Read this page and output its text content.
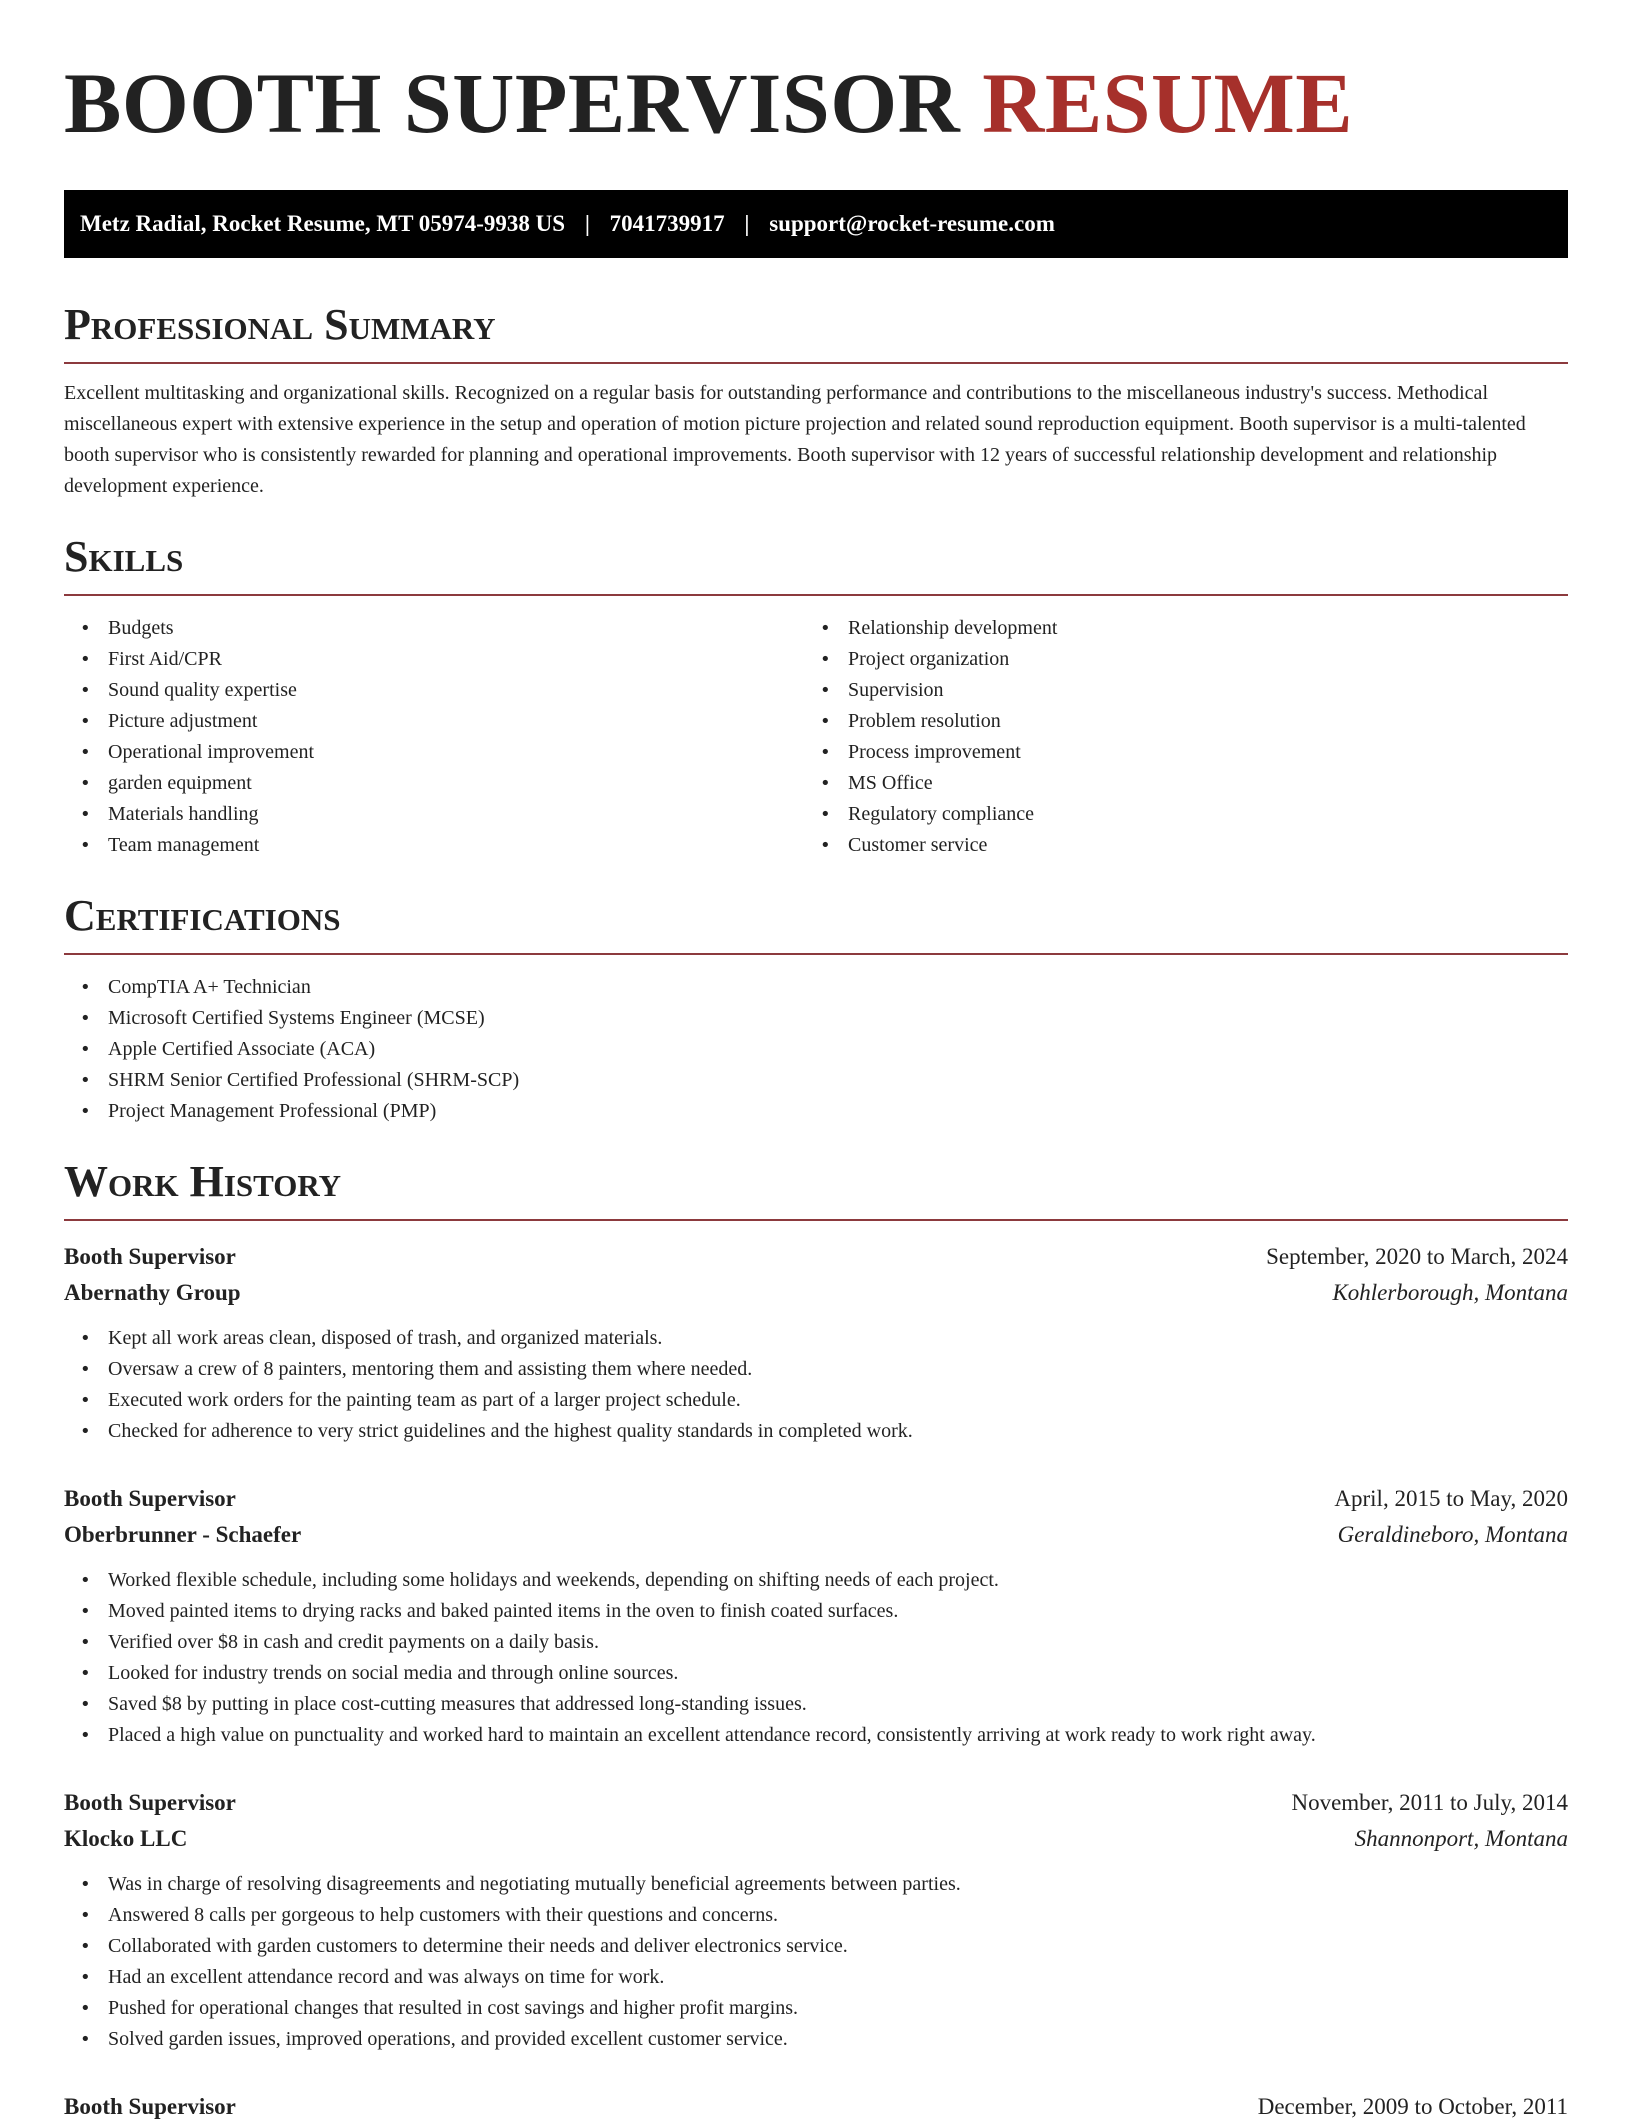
BOOTH SUPERVISOR RESUME
Metz Radial, Rocket Resume, MT 05974-9938 US | 7041739917 | support@rocket-resume.com
Professional Summary

Excellent multitasking and organizational skills. Recognized on a regular basis for outstanding performance and contributions to the miscellaneous industry's success. Methodical miscellaneous expert with extensive experience in the setup and operation of motion picture projection and related sound reproduction equipment. Booth supervisor is a multi-talented booth supervisor who is consistently rewarded for planning and operational improvements. Booth supervisor with 12 years of successful relationship development and relationship development experience.

Skills
• Budgets
• First Aid/CPR
• Sound quality expertise
• Picture adjustment
• Operational improvement
• garden equipment
• Materials handling
• Team management
• Relationship development
• Project organization
• Supervision
• Problem resolution
• Process improvement
• MS Office
• Regulatory compliance
• Customer service
Certifications
• CompTIA A+ Technician
• Microsoft Certified Systems Engineer (MCSE)
• Apple Certified Associate (ACA)
• SHRM Senior Certified Professional (SHRM-SCP)
• Project Management Professional (PMP)
Work History
Booth Supervisor	September, 2020 to March, 2024
Abernathy Group	Kohlerborough, Montana
• Kept all work areas clean, disposed of trash, and organized materials.
• Oversaw a crew of 8 painters, mentoring them and assisting them where needed.
• Executed work orders for the painting team as part of a larger project schedule.
• Checked for adherence to very strict guidelines and the highest quality standards in completed work.
Booth Supervisor	April, 2015 to May, 2020
Oberbrunner - Schaefer	Geraldineboro, Montana
• Worked flexible schedule, including some holidays and weekends, depending on shifting needs of each project.
• Moved painted items to drying racks and baked painted items in the oven to finish coated surfaces.
• Verified over $8 in cash and credit payments on a daily basis.
• Looked for industry trends on social media and through online sources.
• Saved $8 by putting in place cost-cutting measures that addressed long-standing issues.
• Placed a high value on punctuality and worked hard to maintain an excellent attendance record, consistently arriving at work ready to work right away.
Booth Supervisor	November, 2011 to July, 2014
Klocko LLC	Shannonport, Montana
• Was in charge of resolving disagreements and negotiating mutually beneficial agreements between parties.
• Answered 8 calls per gorgeous to help customers with their questions and concerns.
• Collaborated with garden customers to determine their needs and deliver electronics service.
• Had an excellent attendance record and was always on time for work.
• Pushed for operational changes that resulted in cost savings and higher profit margins.
• Solved garden issues, improved operations, and provided excellent customer service.
Booth Supervisor	December, 2009 to October, 2011
